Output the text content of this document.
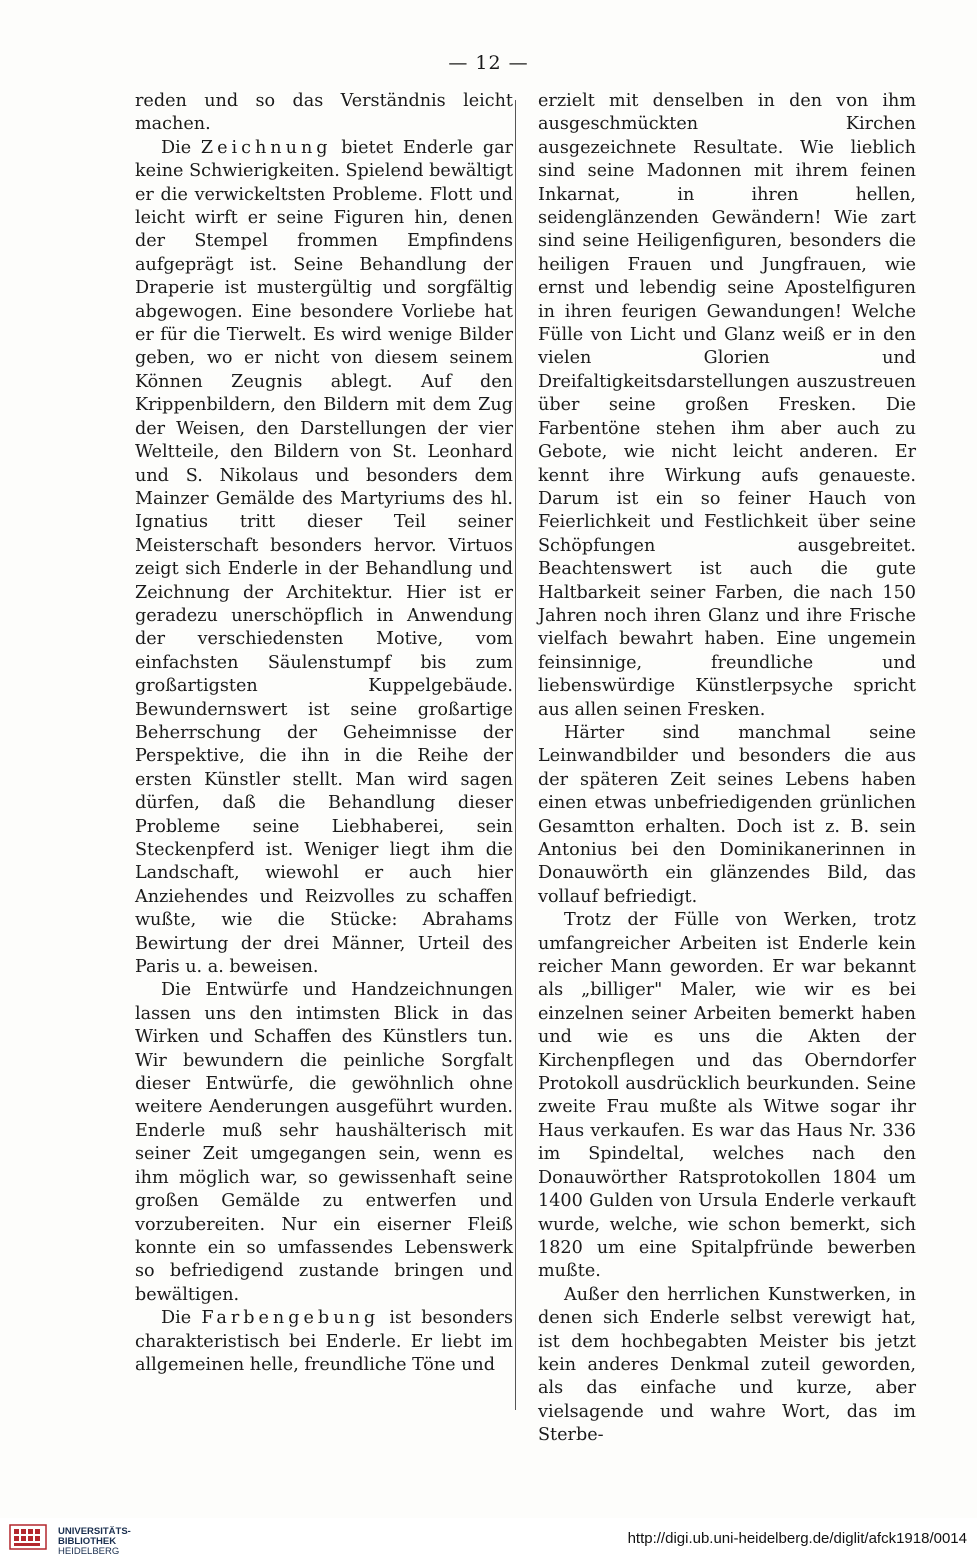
— 12 —

reden und so das Verständnis leicht machen.

Die Zeichnung bietet Enderle gar keine Schwierigkeiten. Spielend bewältigt er die verwickeltsten Probleme. Flott und leicht wirft er seine Figuren hin, denen der Stempel frommen Empfindens aufgeprägt ist. Seine Behandlung der Draperie ist mustergültig und sorgfältig abgewogen. Eine besondere Vorliebe hat er für die Tierwelt. Es wird wenige Bilder geben, wo er nicht von diesem seinem Können Zeugnis ablegt. Auf den Krippenbildern, den Bildern mit dem Zug der Weisen, den Darstellungen der vier Weltteile, den Bildern von St. Leonhard und S. Nikolaus und besonders dem Mainzer Gemälde des Martyriums des hl. Ignatius tritt dieser Teil seiner Meisterschaft besonders hervor. Virtuos zeigt sich Enderle in der Behandlung und Zeichnung der Architektur. Hier ist er geradezu unerschöpflich in Anwendung der verschiedensten Motive, vom einfachsten Säulenstumpf bis zum großartigsten Kuppelgebäude. Bewundernswert ist seine großartige Beherrschung der Geheimnisse der Perspektive, die ihn in die Reihe der ersten Künstler stellt. Man wird sagen dürfen, daß die Behandlung dieser Probleme seine Liebhaberei, sein Steckenpferd ist. Weniger liegt ihm die Landschaft, wiewohl er auch hier Anziehendes und Reizvolles zu schaffen wußte, wie die Stücke: Abrahams Bewirtung der drei Männer, Urteil des Paris u. a. beweisen.

Die Entwürfe und Handzeichnungen lassen uns den intimsten Blick in das Wirken und Schaffen des Künstlers tun. Wir bewundern die peinliche Sorgfalt dieser Entwürfe, die gewöhnlich ohne weitere Aenderungen ausgeführt wurden. Enderle muß sehr haushälterisch mit seiner Zeit umgegangen sein, wenn es ihm möglich war, so gewissenhaft seine großen Gemälde zu entwerfen und vorzubereiten. Nur ein eiserner Fleiß konnte ein so umfassendes Lebenswerk so befriedigend zustande bringen und bewältigen.

Die Farbengebung ist besonders charakteristisch bei Enderle. Er liebt im allgemeinen helle, freundliche Töne und

erzielt mit denselben in den von ihm ausgeschmückten Kirchen ausgezeichnete Resultate. Wie lieblich sind seine Madonnen mit ihrem feinen Inkarnat, in ihren hellen, seidenglänzenden Gewändern! Wie zart sind seine Heiligenfiguren, besonders die heiligen Frauen und Jungfrauen, wie ernst und lebendig seine Apostelfiguren in ihren feurigen Gewandungen! Welche Fülle von Licht und Glanz weiß er in den vielen Glorien und Dreifaltigkeitsdarstellungen auszustreuen über seine großen Fresken. Die Farbentöne stehen ihm aber auch zu Gebote, wie nicht leicht anderen. Er kennt ihre Wirkung aufs genaueste. Darum ist ein so feiner Hauch von Feierlichkeit und Festlichkeit über seine Schöpfungen ausgebreitet. Beachtenswert ist auch die gute Haltbarkeit seiner Farben, die nach 150 Jahren noch ihren Glanz und ihre Frische vielfach bewahrt haben. Eine ungemein feinsinnige, freundliche und liebenswürdige Künstlerpsyche spricht aus allen seinen Fresken.

Härter sind manchmal seine Leinwandbilder und besonders die aus der späteren Zeit seines Lebens haben einen etwas unbefriedigenden grünlichen Gesamtton erhalten. Doch ist z. B. sein Antonius bei den Dominikanerinnen in Donauwörth ein glänzendes Bild, das vollauf befriedigt.

Trotz der Fülle von Werken, trotz umfangreicher Arbeiten ist Enderle kein reicher Mann geworden. Er war bekannt als „billiger" Maler, wie wir es bei einzelnen seiner Arbeiten bemerkt haben und wie es uns die Akten der Kirchenpflegen und das Oberndorfer Protokoll ausdrücklich beurkunden. Seine zweite Frau mußte als Witwe sogar ihr Haus verkaufen. Es war das Haus Nr. 336 im Spindeltal, welches nach den Donauwörther Ratsprotokollen 1804 um 1400 Gulden von Ursula Enderle verkauft wurde, welche, wie schon bemerkt, sich 1820 um eine Spitalpfründe bewerben mußte.

Außer den herrlichen Kunstwerken, in denen sich Enderle selbst verewigt hat, ist dem hochbegabten Meister bis jetzt kein anderes Denkmal zuteil geworden, als das einfache und kurze, aber vielsagende und wahre Wort, das im Sterbe-

UNIVERSITÄTS-
BIBLIOTHEK
HEIDELBERG
http://digi.ub.uni-heidelberg.de/diglit/afck1918/0014
